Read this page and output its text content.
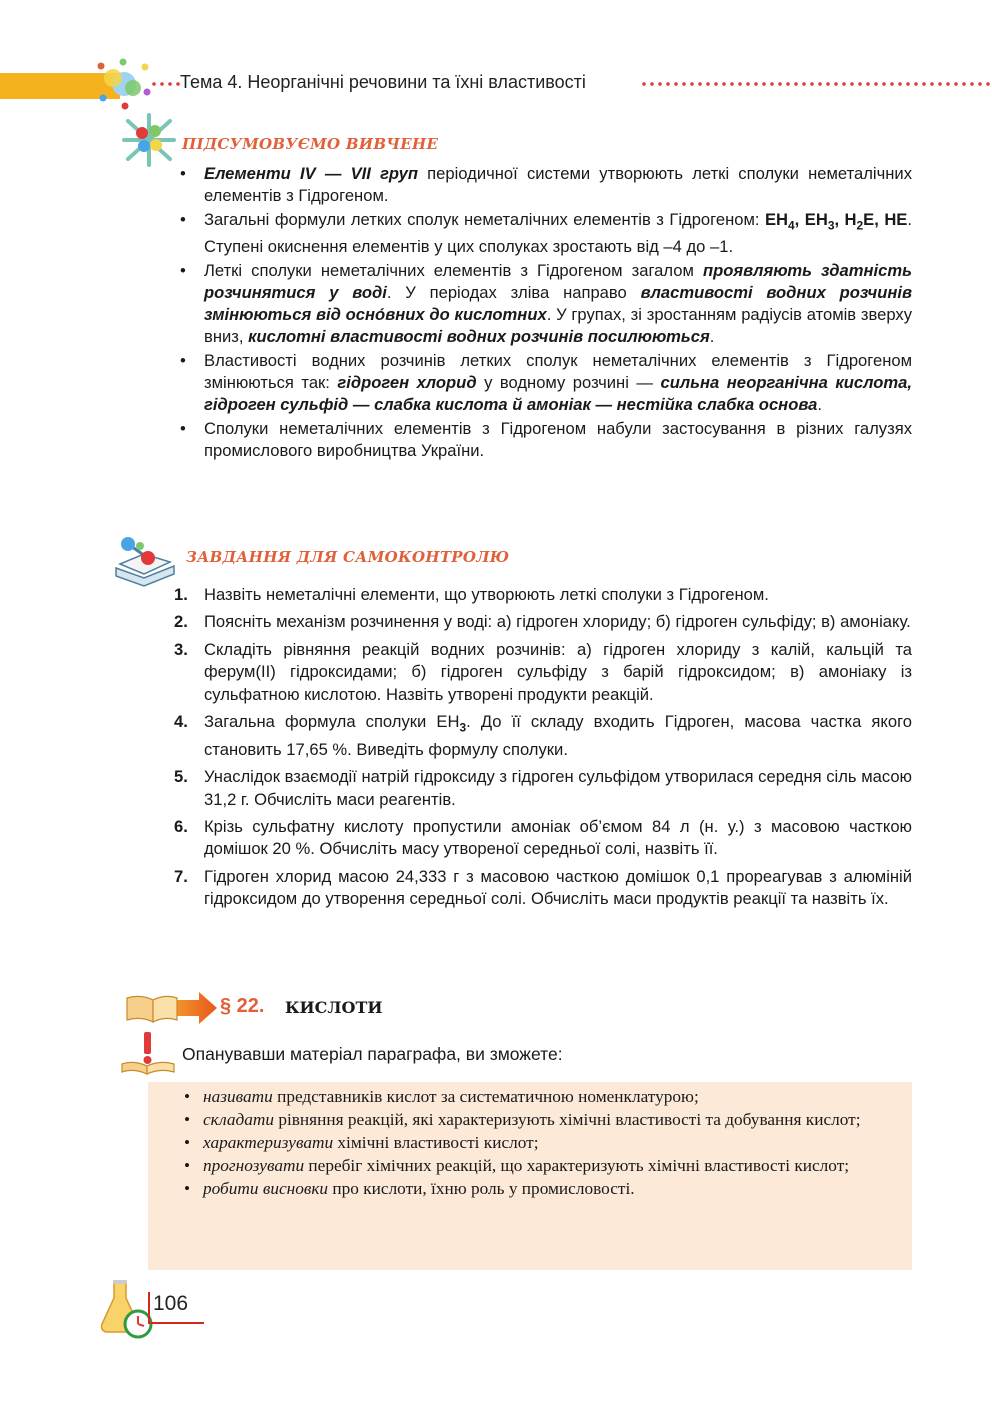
Тема 4. Неорганічні речовини та їхні властивості
ПІДСУМОВУЄМО ВИВЧЕНЕ
• Елементи IV — VII груп періодичної системи утворюють леткі сполуки неметалічних елементів з Гідрогеном.
• Загальні формули летких сполук неметалічних елементів з Гідрогеном: $ЕН_4$, $ЕН_3$, $Н_2Е$, НЕ. Ступені окиснення елементів у цих сполуках зростають від –4 до –1.
• Леткі сполуки неметалічних елементів з Гідрогеном загалом проявляють здатність розчинятися у воді. У періодах зліва направо властивості водних розчинів змінюються від осно́вних до кислотних. У групах, зі зростанням радіусів атомів зверху вниз, кислотні властивості водних розчинів посилюються.
• Властивості водних розчинів летких сполук неметалічних елементів з Гідрогеном змінюються так: гідроген хлорид у водному розчині — сильна неорганічна кислота, гідроген сульфід — слабка кислота й амоніак — нестійка слабка основа.
• Сполуки неметалічних елементів з Гідрогеном набули застосування в різних галузях промислового виробництва України.
ЗАВДАННЯ ДЛЯ САМОКОНТРОЛЮ
1. Назвіть неметалічні елементи, що утворюють леткі сполуки з Гідрогеном.
2. Поясніть механізм розчинення у воді: а) гідроген хлориду; б) гідроген сульфіду; в) амоніаку.
3. Складіть рівняння реакцій водних розчинів: а) гідроген хлориду з калій, кальцій та ферум(ІІ) гідроксидами; б) гідроген сульфіду з барій гідроксидом; в) амоніаку із сульфатною кислотою. Назвіть утворені продукти реакцій.
4. Загальна формула сполуки $ЕН_3$. До її складу входить Гідроген, масова частка якого становить 17,65 %. Виведіть формулу сполуки.
5. Унаслідок взаємодії натрій гідроксиду з гідроген сульфідом утворилася середня сіль масою 31,2 г. Обчисліть маси реагентів.
6. Крізь сульфатну кислоту пропустили амоніак об’ємом 84 л (н. у.) з масовою часткою домішок 20 %. Обчисліть масу утвореної середньої солі, назвіть її.
7. Гідроген хлорид масою 24,333 г з масовою часткою домішок 0,1 прореагував з алюміній гідроксидом до утворення середньої солі. Обчисліть маси продуктів реакції та назвіть їх.
§ 22. КИСЛОТИ
Опанувавши матеріал параграфа, ви зможете:
• називати представників кислот за систематичною номенклатурою;
• складати рівняння реакцій, які характеризують хімічні властивості та добування кислот;
• характеризувати хімічні властивості кислот;
• прогнозувати перебіг хімічних реакцій, що характеризують хімічні властивості кислот;
• робити висновки про кислоти, їхню роль у промисловості.
106
